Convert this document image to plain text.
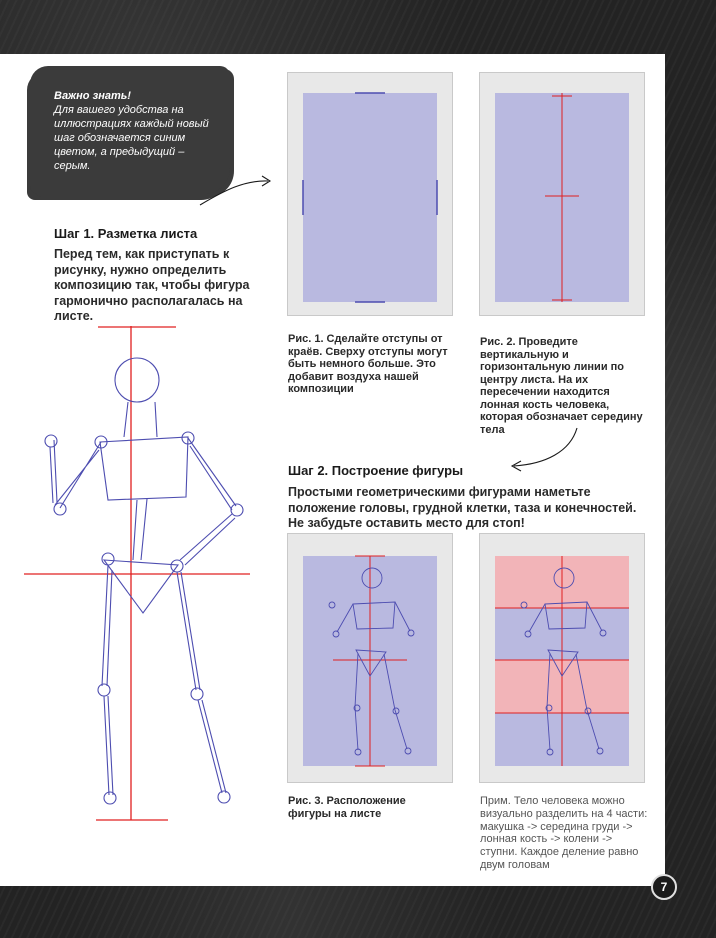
Важно знать!
Для вашего удобства на иллюстрациях каждый новый шаг обозначается синим цветом, а предыдущий – серым.
Шаг 1. Разметка листа
Перед тем, как приступать к рисунку, нужно определить композицию так, чтобы фигура гармонично располагалась на листе.
Рис. 1. Сделайте отступы от краёв. Сверху отступы могут быть немного больше. Это добавит воздуха нашей композиции
Рис. 2. Проведите вертикальную и горизонтальную линии по центру листа. На их пересечении находится лонная кость человека, которая обозначает середину тела
Шаг 2. Построение фигуры
Простыми геометрическими фигурами наметьте положение головы, грудной клетки, таза и конечностей. Не забудьте оставить место для стоп!
Рис. 3. Расположение фигуры на листе
Прим. Тело человека можно визуально разделить на 4 части: макушка -> середина груди -> лонная кость -> колени -> ступни. Каждое деление равно двум головам
7
